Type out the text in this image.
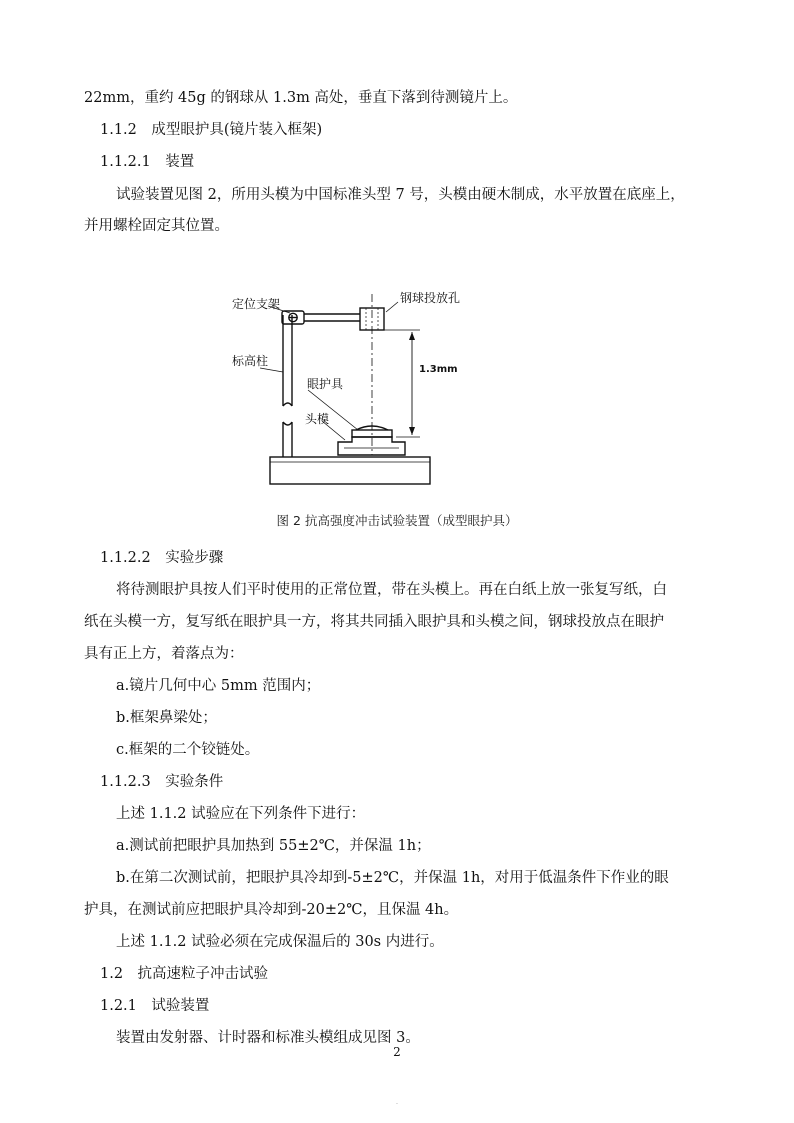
22mm，重约 45g 的钢球从 1.3m 高处，垂直下落到待测镜片上。
1.1.2　成型眼护具(镜片装入框架)
1.1.2.1　装置
试验装置见图 2，所用头模为中国标准头型 7 号，头模由硬木制成，水平放置在底座上，
并用螺栓固定其位置。
定位支架
标高柱
眼护具
头模
钢球投放孔
1.3mm
图 2 抗高强度冲击试验装置（成型眼护具）
1.1.2.2　实验步骤
将待测眼护具按人们平时使用的正常位置，带在头模上。再在白纸上放一张复写纸，白
纸在头模一方，复写纸在眼护具一方，将其共同插入眼护具和头模之间，钢球投放点在眼护
具有正上方，着落点为：
a.镜片几何中心 5mm 范围内；
b.框架鼻梁处；
c.框架的二个铰链处。
1.1.2.3　实验条件
上述 1.1.2 试验应在下列条件下进行：
a.测试前把眼护具加热到 55±2℃，并保温 1h；
b.在第二次测试前，把眼护具冷却到-5±2℃，并保温 1h，对用于低温条件下作业的眼
护具，在测试前应把眼护具冷却到-20±2℃，且保温 4h。
上述 1.1.2 试验必须在完成保温后的 30s 内进行。
1.2　抗高速粒子冲击试验
1.2.1　试验装置
装置由发射器、计时器和标准头模组成见图 3。
2
·
